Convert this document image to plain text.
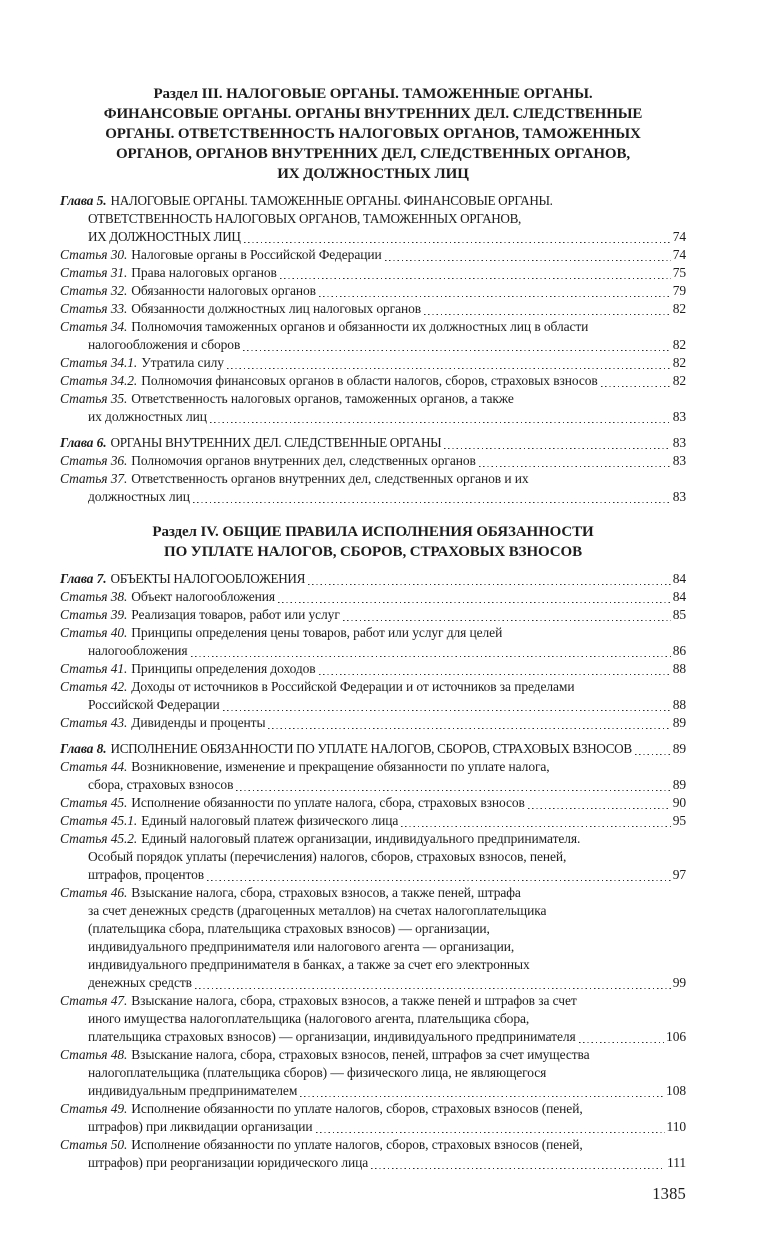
Раздел III. НАЛОГОВЫЕ ОРГАНЫ. ТАМОЖЕННЫЕ ОРГАНЫ.
ФИНАНСОВЫЕ ОРГАНЫ. ОРГАНЫ ВНУТРЕННИХ ДЕЛ. СЛЕДСТВЕННЫЕ
ОРГАНЫ. ОТВЕТСТВЕННОСТЬ НАЛОГОВЫХ ОРГАНОВ, ТАМОЖЕННЫХ
ОРГАНОВ, ОРГАНОВ ВНУТРЕННИХ ДЕЛ, СЛЕДСТВЕННЫХ ОРГАНОВ,
ИХ ДОЛЖНОСТНЫХ ЛИЦ
Глава 5. НАЛОГОВЫЕ ОРГАНЫ. ТАМОЖЕННЫЕ ОРГАНЫ. ФИНАНСОВЫЕ ОРГАНЫ.
ОТВЕТСТВЕННОСТЬ НАЛОГОВЫХ ОРГАНОВ, ТАМОЖЕННЫХ ОРГАНОВ,
ИХ ДОЛЖНОСТНЫХ ЛИЦ	74
Статья 30. Налоговые органы в Российской Федерации	74
Статья 31. Права налоговых органов	75
Статья 32. Обязанности налоговых органов	79
Статья 33. Обязанности должностных лиц налоговых органов	82
Статья 34. Полномочия таможенных органов и обязанности их должностных лиц в области
налогообложения и сборов	82
Статья 34.1. Утратила силу	82
Статья 34.2. Полномочия финансовых органов в области налогов, сборов, страховых взносов	82
Статья 35. Ответственность налоговых органов, таможенных органов, а также
их должностных лиц	83
Глава 6. ОРГАНЫ ВНУТРЕННИХ ДЕЛ. СЛЕДСТВЕННЫЕ ОРГАНЫ	83
Статья 36. Полномочия органов внутренних дел, следственных органов	83
Статья 37. Ответственность органов внутренних дел, следственных органов и их
должностных лиц	83
Раздел IV. ОБЩИЕ ПРАВИЛА ИСПОЛНЕНИЯ ОБЯЗАННОСТИ
ПО УПЛАТЕ НАЛОГОВ, СБОРОВ, СТРАХОВЫХ ВЗНОСОВ
Глава 7. ОБЪЕКТЫ НАЛОГООБЛОЖЕНИЯ	84
Статья 38. Объект налогообложения	84
Статья 39. Реализация товаров, работ или услуг	85
Статья 40. Принципы определения цены товаров, работ или услуг для целей
налогообложения	86
Статья 41. Принципы определения доходов	88
Статья 42. Доходы от источников в Российской Федерации и от источников за пределами
Российской Федерации	88
Статья 43. Дивиденды и проценты	89
Глава 8. ИСПОЛНЕНИЕ ОБЯЗАННОСТИ ПО УПЛАТЕ НАЛОГОВ, СБОРОВ, СТРАХОВЫХ ВЗНОСОВ	89
Статья 44. Возникновение, изменение и прекращение обязанности по уплате налога,
сбора, страховых взносов	89
Статья 45. Исполнение обязанности по уплате налога, сбора, страховых взносов	90
Статья 45.1. Единый налоговый платеж физического лица	95
Статья 45.2. Единый налоговый платеж организации, индивидуального предпринимателя.
Особый порядок уплаты (перечисления) налогов, сборов, страховых взносов, пеней,
штрафов, процентов	97
Статья 46. Взыскание налога, сбора, страховых взносов, а также пеней, штрафа
за счет денежных средств (драгоценных металлов) на счетах налогоплательщика
(плательщика сбора, плательщика страховых взносов) — организации,
индивидуального предпринимателя или налогового агента — организации,
индивидуального предпринимателя в банках, а также за счет его электронных
денежных средств	99
Статья 47. Взыскание налога, сбора, страховых взносов, а также пеней и штрафов за счет
иного имущества налогоплательщика (налогового агента, плательщика сбора,
плательщика страховых взносов) — организации, индивидуального предпринимателя	106
Статья 48. Взыскание налога, сбора, страховых взносов, пеней, штрафов за счет имущества
налогоплательщика (плательщика сборов) — физического лица, не являющегося
индивидуальным предпринимателем	108
Статья 49. Исполнение обязанности по уплате налогов, сборов, страховых взносов (пеней,
штрафов) при ликвидации организации	110
Статья 50. Исполнение обязанности по уплате налогов, сборов, страховых взносов (пеней,
штрафов) при реорганизации юридического лица	111
1385
